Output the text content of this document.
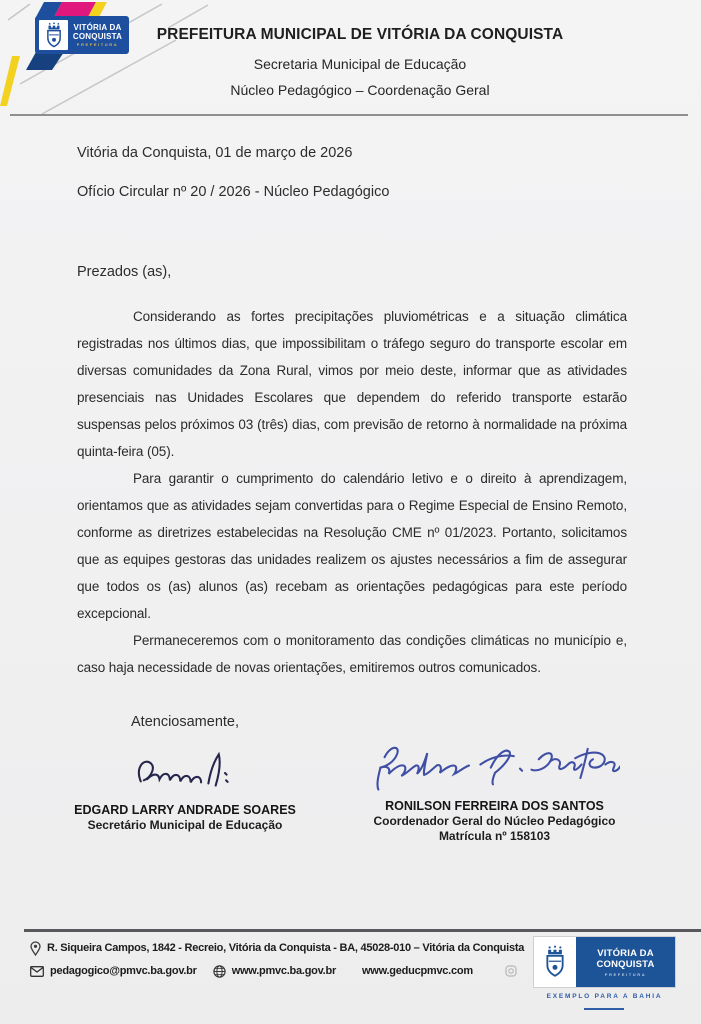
VITÓRIA DA
CONQUISTA
PREFEITURA
PREFEITURA MUNICIPAL DE VITÓRIA DA CONQUISTA
Secretaria Municipal de Educação
Núcleo Pedagógico – Coordenação Geral
Vitória da Conquista, 01 de março de 2026
Ofício Circular nº 20 / 2026 - Núcleo Pedagógico
Prezados (as),

Considerando as fortes precipitações pluviométricas e a situação climática registradas nos últimos dias, que impossibilitam o tráfego seguro do transporte escolar em diversas comunidades da Zona Rural, vimos por meio deste, informar que as atividades presenciais nas Unidades Escolares que dependem do referido transporte estarão suspensas pelos próximos 03 (três) dias, com previsão de retorno à normalidade na próxima quinta-feira (05).

Para garantir o cumprimento do calendário letivo e o direito à aprendizagem, orientamos que as atividades sejam convertidas para o Regime Especial de Ensino Remoto, conforme as diretrizes estabelecidas na Resolução CME nº 01/2023. Portanto, solicitamos que as equipes gestoras das unidades realizem os ajustes necessários a fim de assegurar que todos os (as) alunos (as) recebam as orientações pedagógicas para este período excepcional.

Permaneceremos com o monitoramento das condições climáticas no município e, caso haja necessidade de novas orientações, emitiremos outros comunicados.

Atenciosamente,
EDGARD LARRY ANDRADE SOARES
Secretário Municipal de Educação
RONILSON FERREIRA DOS SANTOS
Coordenador Geral do Núcleo Pedagógico
Matrícula nº 158103
R. Siqueira Campos, 1842 - Recreio, Vitória da Conquista - BA, 45028-010 – Vitória da Conquista
pedagogico@pmvc.ba.gov.br	www.pmvc.ba.gov.br www.geducpmvc.com
VITÓRIA DA
CONQUISTA
PREFEITURA
EXEMPLO PARA A BAHIA
